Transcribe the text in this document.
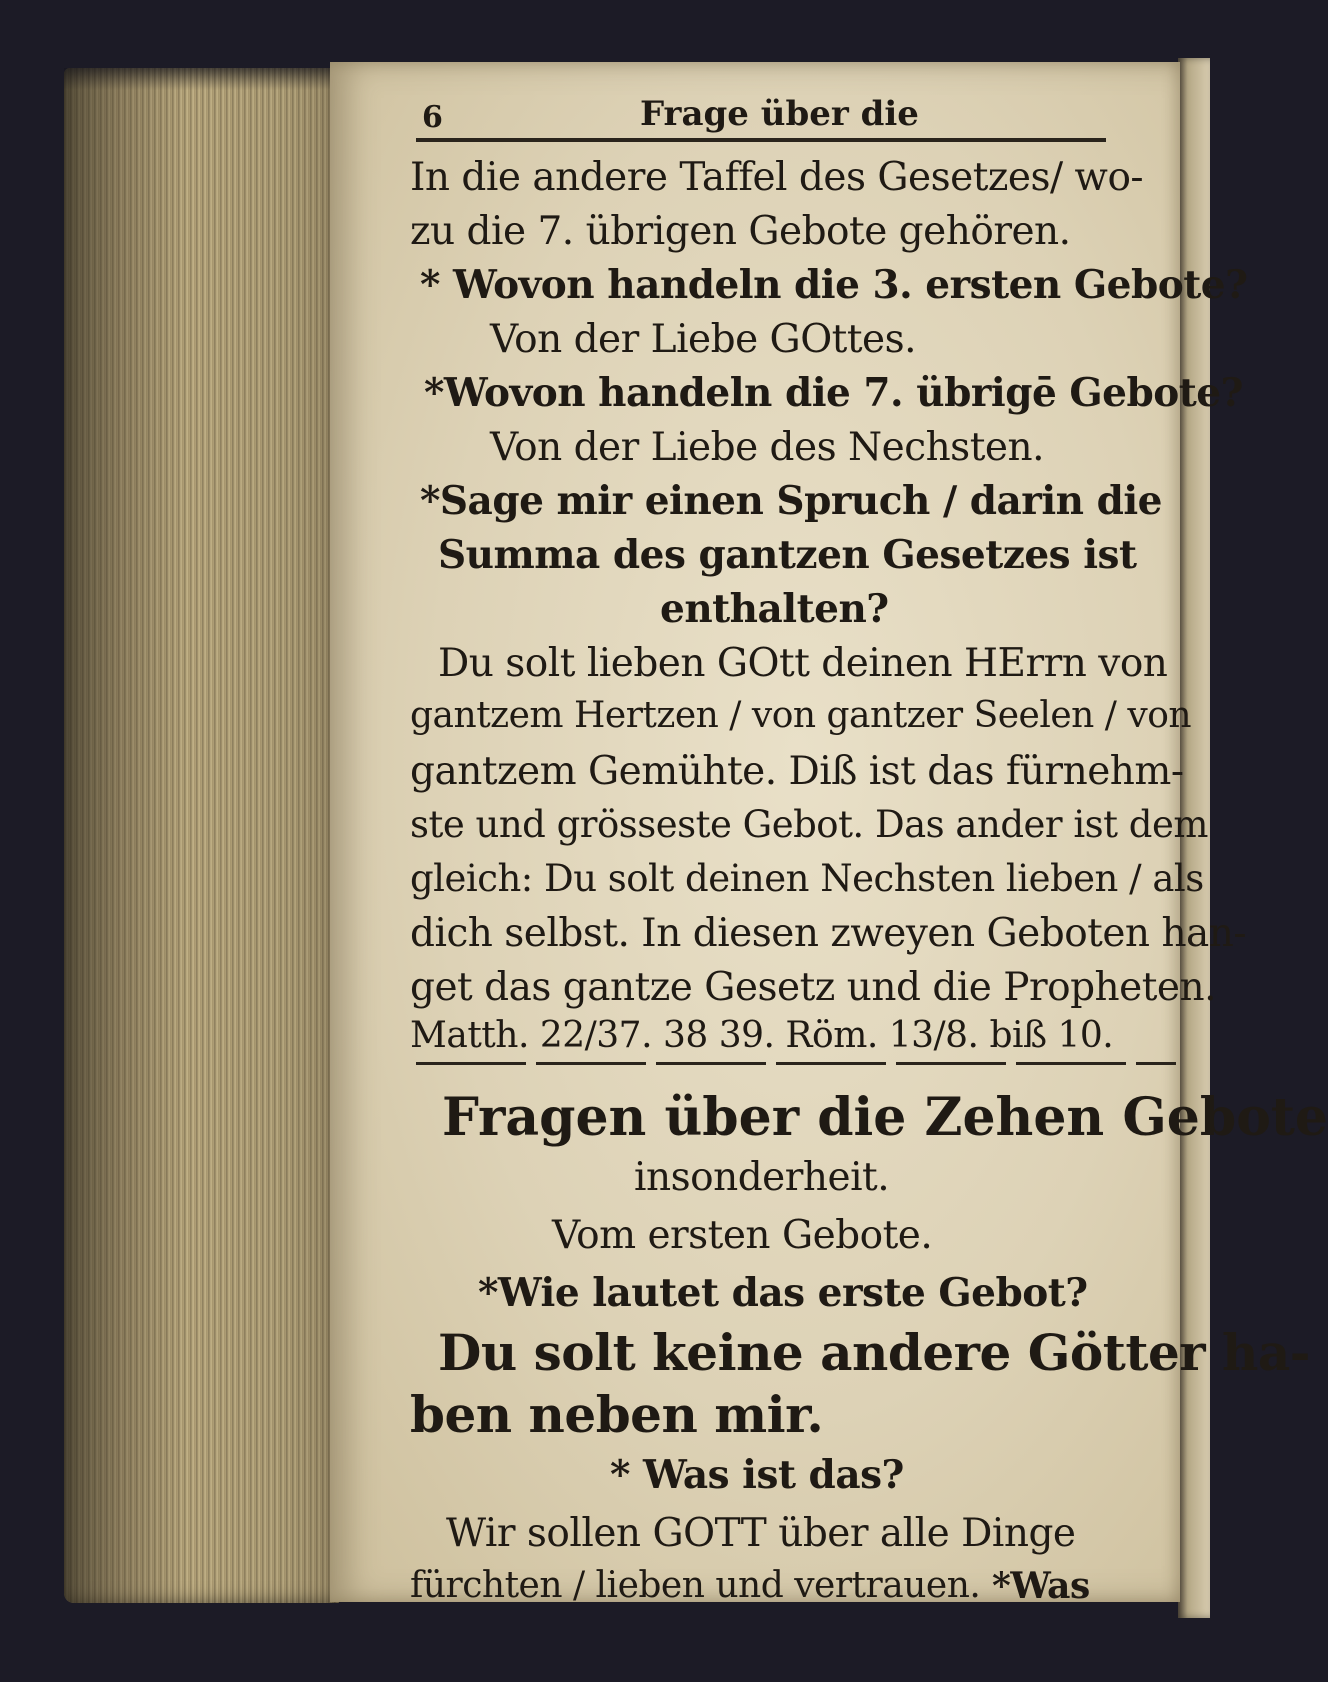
6	Frage über die
In die andere Taffel des Gesetzes/ wo-
zu die 7. übrigen Gebote gehören.
* Wovon handeln die 3. ersten Gebote?
Von der Liebe GOttes.
*Wovon handeln die 7. übrigē Gebote?
Von der Liebe des Nechsten.
*Sage mir einen Spruch / darin die
Summa des gantzen Gesetzes ist
enthalten?
Du solt lieben GOtt deinen HErrn von
gantzem Hertzen / von gantzer Seelen / von
gantzem Gemühte. Diß ist das fürnehm-
ste und grösseste Gebot. Das ander ist dem
gleich: Du solt deinen Nechsten lieben / als
dich selbst. In diesen zweyen Geboten han-
get das gantze Gesetz und die Propheten.
Matth. 22/37. 38 39. Röm. 13/8. biß 10.
Fragen über die Zehen Gebote
insonderheit.
Vom ersten Gebote.
*Wie lautet das erste Gebot?
Du solt keine andere Götter ha-
ben neben mir.
* Was ist das?
Wir sollen GOTT über alle Dinge
fürchten / lieben und vertrauen. *Was
